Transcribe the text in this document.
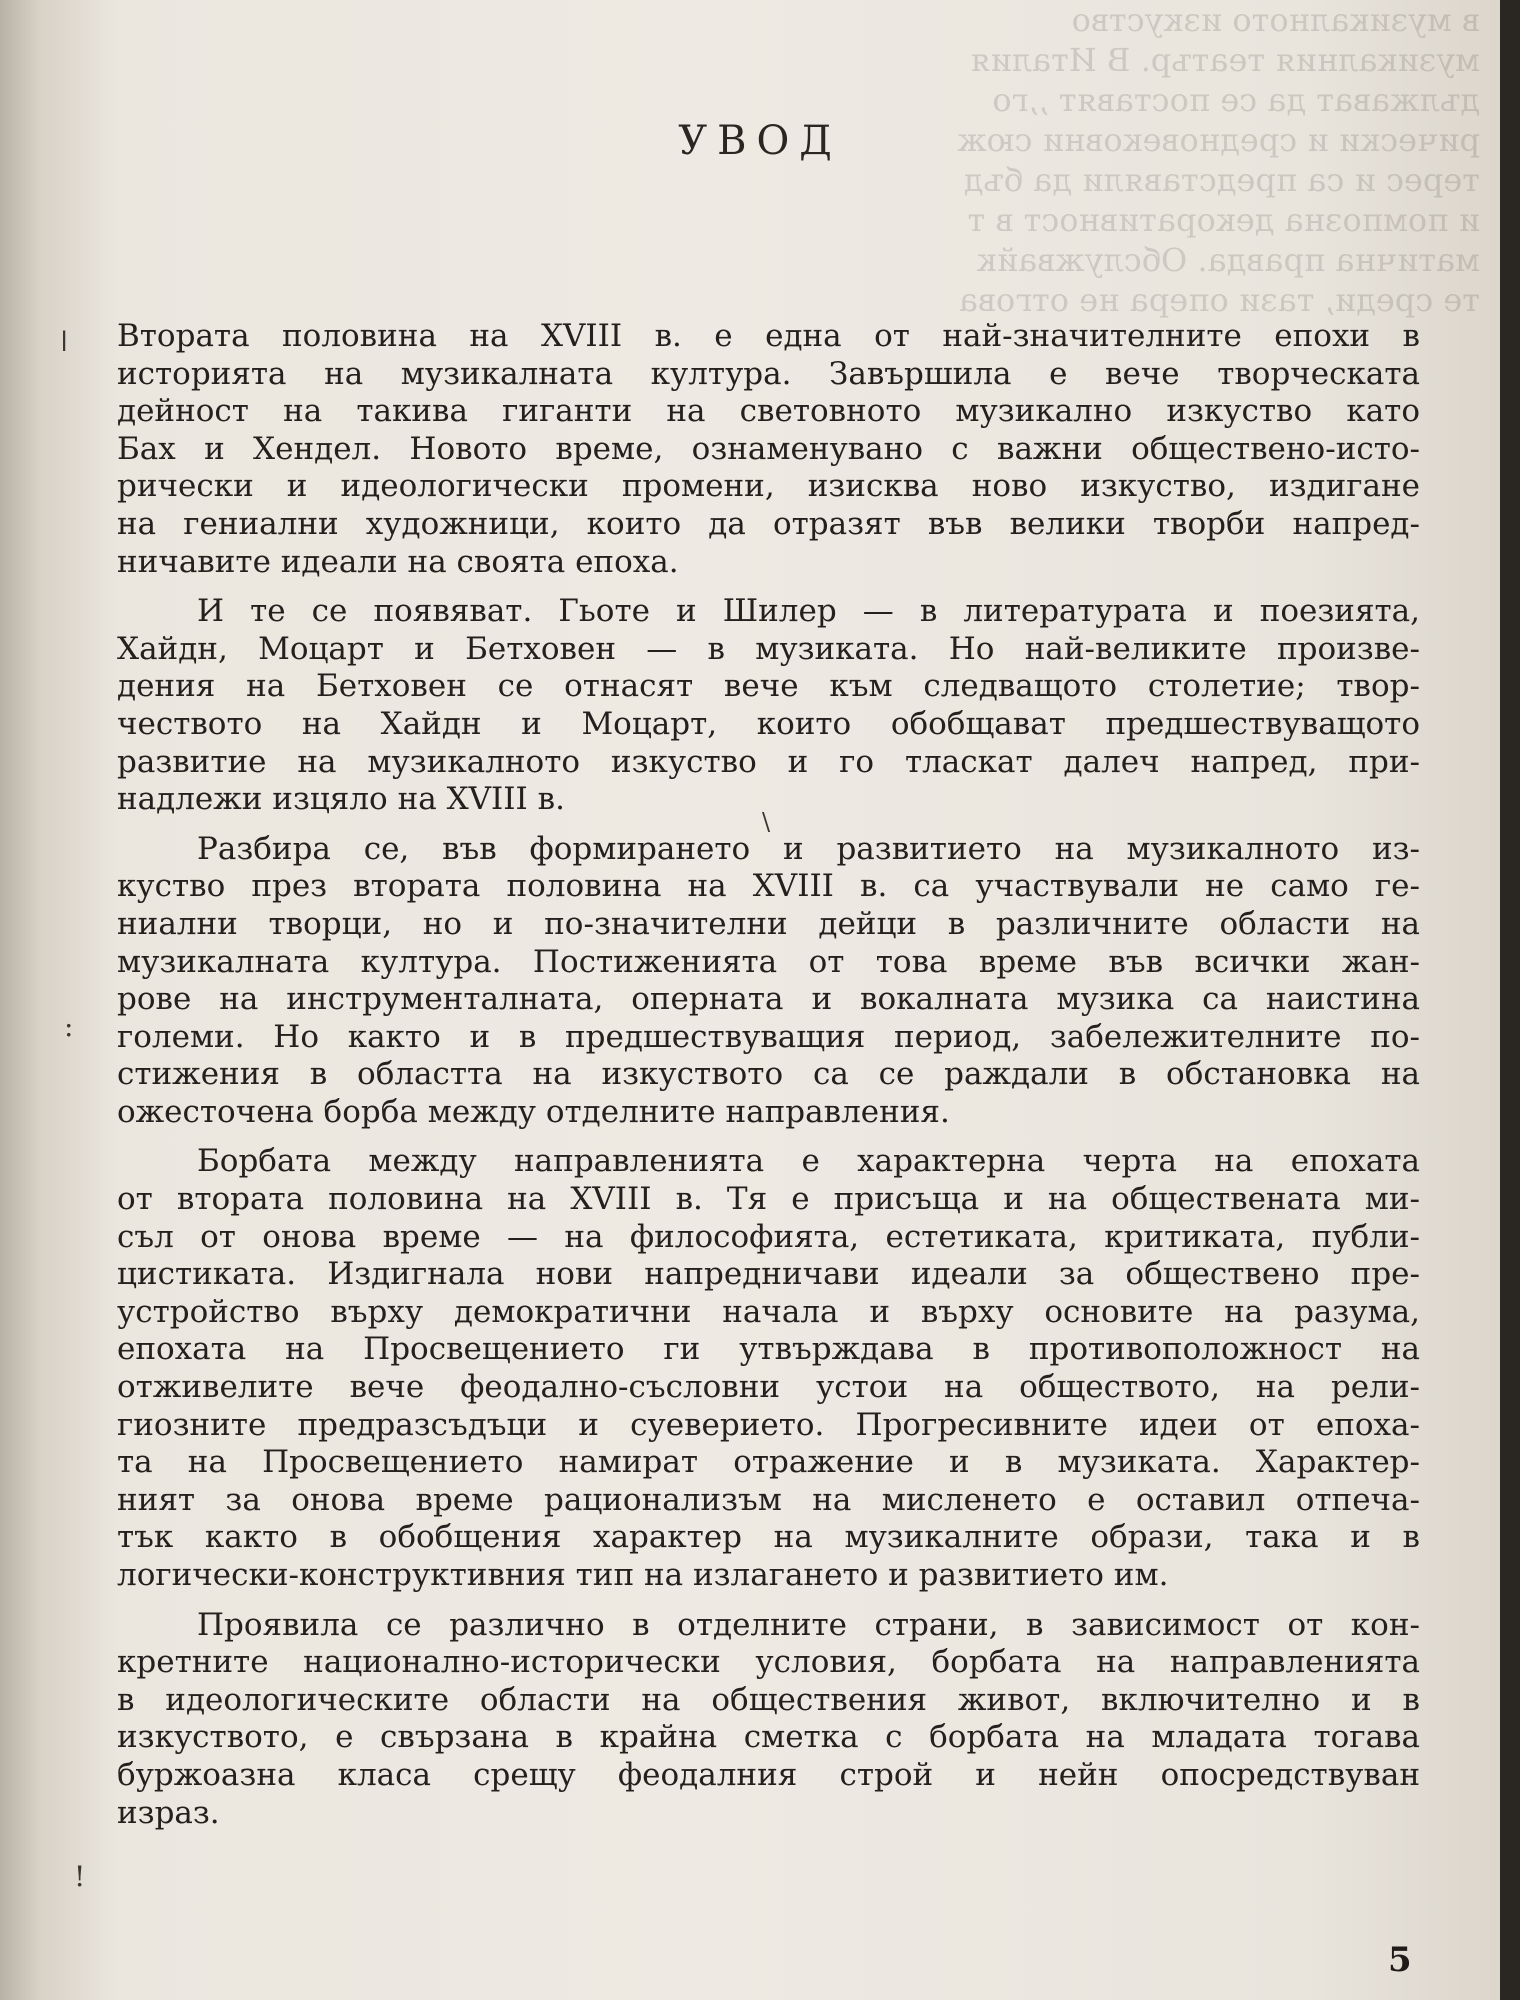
в музикалното изкуство
музикалния театър. В Италия
дължават да се поставят ,,го
рически и средновековни сюж
терес и са представяли да бъд
и помпозна декоративност в т
матична правда. Обслужвайк
те среди, тази опера не отгова
УВОД
ǀ
:
\
!
Втората половина на XVIII в. е една от най-значителните епохи в
историята на музикалната култура. Завършила е вече творческата
дейност на такива гиганти на световното музикално изкуство като
Бах и Хендел. Новото време, ознаменувано с важни обществено-исто-
рически и идеологически промени, изисква ново изкуство, издигане
на гениални художници, които да отразят във велики творби напред-
ничавите идеали на своята епоха.
И те се появяват. Гьоте и Шилер — в литературата и поезията,
Хайдн, Моцарт и Бетховен — в музиката. Но най-великите произве-
дения на Бетховен се отнасят вече към следващото столетие; твор-
чеството на Хайдн и Моцарт, които обобщават предшествуващото
развитие на музикалното изкуство и го тласкат далеч напред, при-
надлежи изцяло на XVIII в.
Разбира се, във формирането и развитието на музикалното из-
куство през втората половина на XVIII в. са участвували не само ге-
ниални творци, но и по-значителни дейци в различните области на
музикалната култура. Постиженията от това време във всички жан-
рове на инструменталната, оперната и вокалната музика са наистина
големи. Но както и в предшествуващия период, забележителните по-
стижения в областта на изкуството са се раждали в обстановка на
ожесточена борба между отделните направления.
Борбата между направленията е характерна черта на епохата
от втората половина на XVIII в. Тя е присъща и на обществената ми-
съл от онова време — на философията, естетиката, критиката, публи-
цистиката. Издигнала нови напредничави идеали за обществено пре-
устройство върху демократични начала и върху основите на разума,
епохата на Просвещението ги утвърждава в противоположност на
отживелите вече феодално-съсловни устои на обществото, на рели-
гиозните предразсъдъци и суеверието. Прогресивните идеи от епоха-
та на Просвещението намират отражение и в музиката. Характер-
ният за онова време рационализъм на мисленето е оставил отпеча-
тък както в обобщения характер на музикалните образи, така и в
логически-конструктивния тип на излагането и развитието им.
Проявила се различно в отделните страни, в зависимост от кон-
кретните национално-исторически условия, борбата на направленията
в идеологическите области на обществения живот, включително и в
изкуството, е свързана в крайна сметка с борбата на младата тогава
буржоазна класа срещу феодалния строй и нейн опосредствуван
израз.
5
